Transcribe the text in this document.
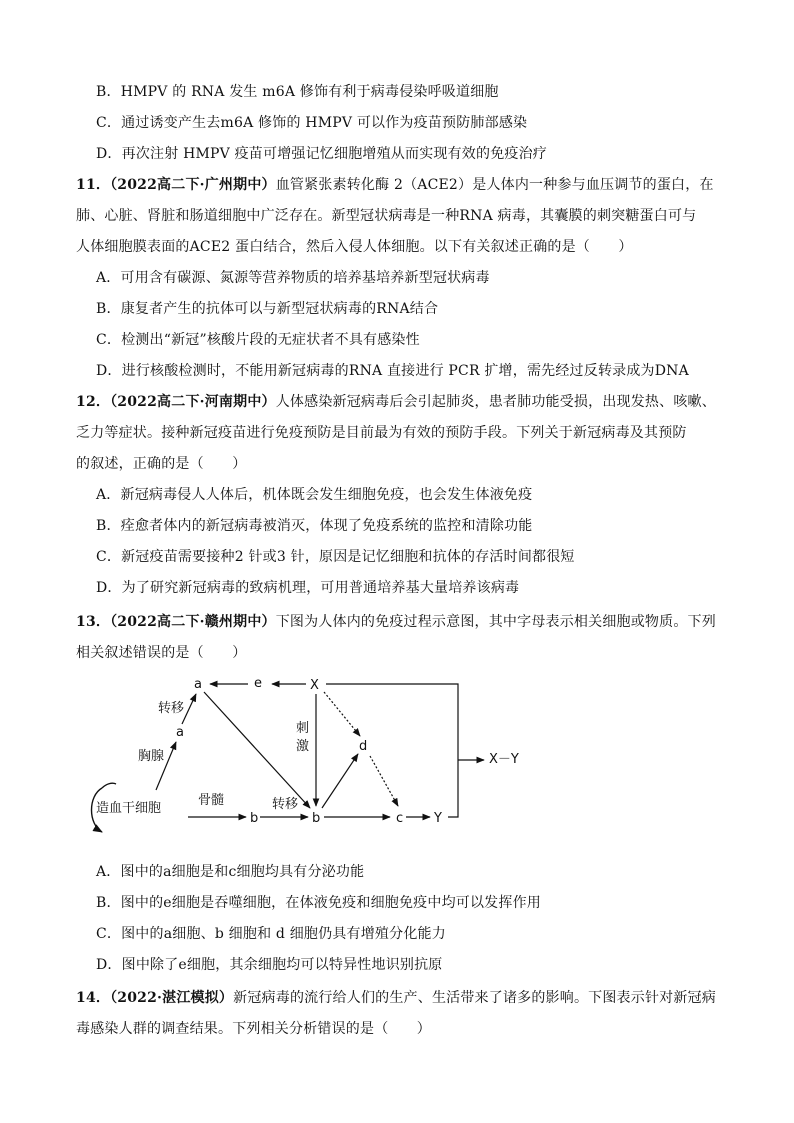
B．HMPV 的 RNA 发生 m6A 修饰有利于病毒侵染呼吸道细胞
C．通过诱变产生去m6A 修饰的 HMPV 可以作为疫苗预防肺部感染
D．再次注射 HMPV 疫苗可增强记忆细胞增殖从而实现有效的免疫治疗
11．（2022高二下·广州期中）血管紧张素转化酶 2（ACE2）是人体内一种参与血压调节的蛋白，在
肺、心脏、肾脏和肠道细胞中广泛存在。新型冠状病毒是一种RNA 病毒，其囊膜的刺突糖蛋白可与
人体细胞膜表面的ACE2 蛋白结合，然后入侵人体细胞。以下有关叙述正确的是（　　）
A．可用含有碳源、氮源等营养物质的培养基培养新型冠状病毒
B．康复者产生的抗体可以与新型冠状病毒的RNA结合
C．检测出“新冠”核酸片段的无症状者不具有感染性
D．进行核酸检测时，不能用新冠病毒的RNA 直接进行 PCR 扩增，需先经过反转录成为DNA
12．（2022高二下·河南期中）人体感染新冠病毒后会引起肺炎，患者肺功能受损，出现发热、咳嗽、
乏力等症状。接种新冠疫苗进行免疫预防是目前最为有效的预防手段。下列关于新冠病毒及其预防
的叙述，正确的是（　　）
A．新冠病毒侵人人体后，机体既会发生细胞免疫，也会发生体液免疫
B．痊愈者体内的新冠病毒被消灭，体现了免疫系统的监控和清除功能
C．新冠疫苗需要接种2 针或3 针，原因是记忆细胞和抗体的存活时间都很短
D．为了研究新冠病毒的致病机理，可用普通培养基大量培养该病毒
13．（2022高二下·赣州期中）下图为人体内的免疫过程示意图，其中字母表示相关细胞或物质。下列
相关叙述错误的是（　　）
a	e	X
转移
a
胸腺
刺
激	d
X－Y
造血干细胞
骨髓
b
转移
b	c Y
A．图中的a细胞是和c细胞均具有分泌功能
B．图中的e细胞是吞噬细胞，在体液免疫和细胞免疫中均可以发挥作用
C．图中的a细胞、b 细胞和 d 细胞仍具有增殖分化能力
D．图中除了e细胞，其余细胞均可以特异性地识别抗原
14．（2022·湛江模拟）新冠病毒的流行给人们的生产、生活带来了诸多的影响。下图表示针对新冠病
毒感染人群的调查结果。下列相关分析错误的是（　　）
